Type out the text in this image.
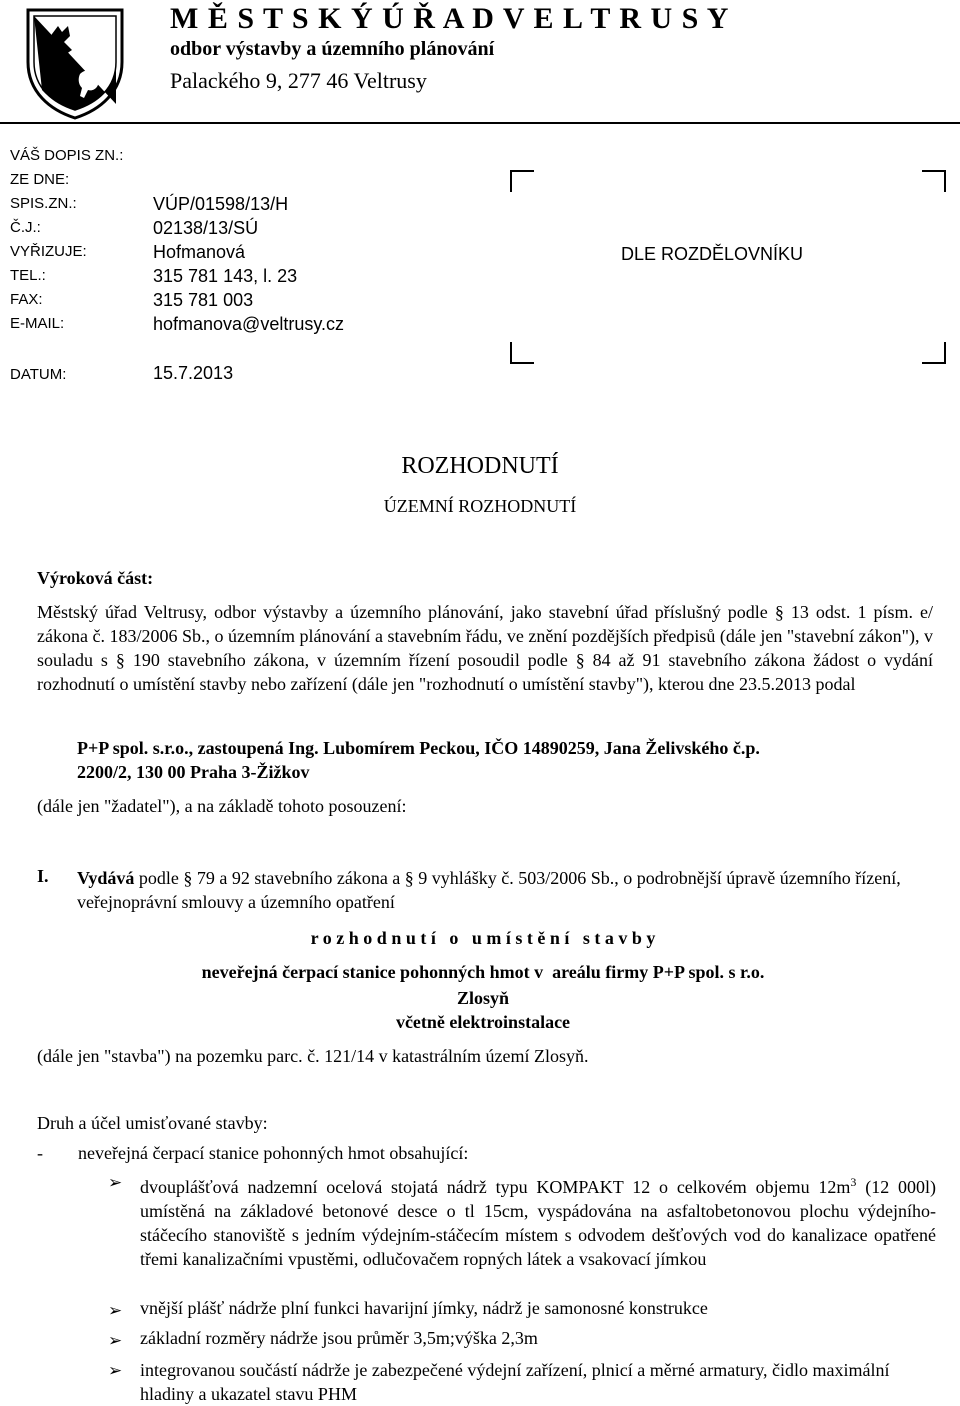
M Ě S T S K Ý Ú Ř A D V E L T R U S Y
odbor výstavby a územního plánování
Palackého 9, 277 46 Veltrusy
VÁŠ DOPIS ZN.:
ZE DNE:
SPIS.ZN.:
Č.J.:
VYŘIZUJE:
TEL.:
FAX:
E-MAIL:
VÚP/01598/13/H
02138/13/SÚ
Hofmanová
315 781 143, l. 23
315 781 003
hofmanova@veltrusy.cz
DATUM:	15.7.2013
DLE ROZDĚLOVNÍKU
ROZHODNUTÍ
ÚZEMNÍ ROZHODNUTÍ
Výroková část:
Městský úřad Veltrusy, odbor výstavby a územního plánování, jako stavební úřad příslušný podle § 13 odst. 1 písm. e/ zákona č. 183/2006 Sb., o územním plánování a stavebním řádu, ve znění pozdějších předpisů (dále jen "stavební zákon"), v souladu s § 190 stavebního zákona, v územním řízení posoudil podle § 84 až 91 stavebního zákona žádost o vydání rozhodnutí o umístění stavby nebo zařízení (dále jen "rozhodnutí o umístění stavby"), kterou dne 23.5.2013 podal
P+P spol. s.r.o., zastoupená Ing. Lubomírem Peckou, IČO 14890259, Jana Želivského č.p.
2200/2, 130 00 Praha 3-Žižkov
(dále jen "žadatel"), a na základě tohoto posouzení:
I. Vydává podle § 79 a 92 stavebního zákona a § 9 vyhlášky č. 503/2006 Sb., o podrobnější úpravě územního řízení, veřejnoprávní smlouvy a územního opatření
r o z h o d n u t í   o   u m í s t ě n í   s t a v b y
neveřejná čerpací stanice pohonných hmot v  areálu firmy P+P spol. s r.o.
Zlosyň
včetně elektroinstalace
(dále jen "stavba") na pozemku parc. č. 121/14 v katastrálním území Zlosyň.
Druh a účel umisťované stavby:
- neveřejná čerpací stanice pohonných hmot obsahující:
➢ dvouplášťová nadzemní ocelová stojatá nádrž typu KOMPAKT 12 o celkovém objemu $12m^3$ (12 000l) umístěná na základové betonové desce o tl 15cm, vyspádována na asfaltobetonovou plochu výdejního-stáčecího stanoviště s jedním výdejním-stáčecím místem s odvodem dešťových vod do kanalizace opatřené třemi kanalizačními vpustěmi, odlučovačem ropných látek a vsakovací jímkou
➢ vnější plášť nádrže plní funkci havarijní jímky, nádrž je samonosné konstrukce
➢ základní rozměry nádrže jsou průměr 3,5m;výška 2,3m
➢ integrovanou součástí nádrže je zabezpečené výdejní zařízení, plnicí a měrné armatury, čidlo maximální hladiny a ukazatel stavu PHM
